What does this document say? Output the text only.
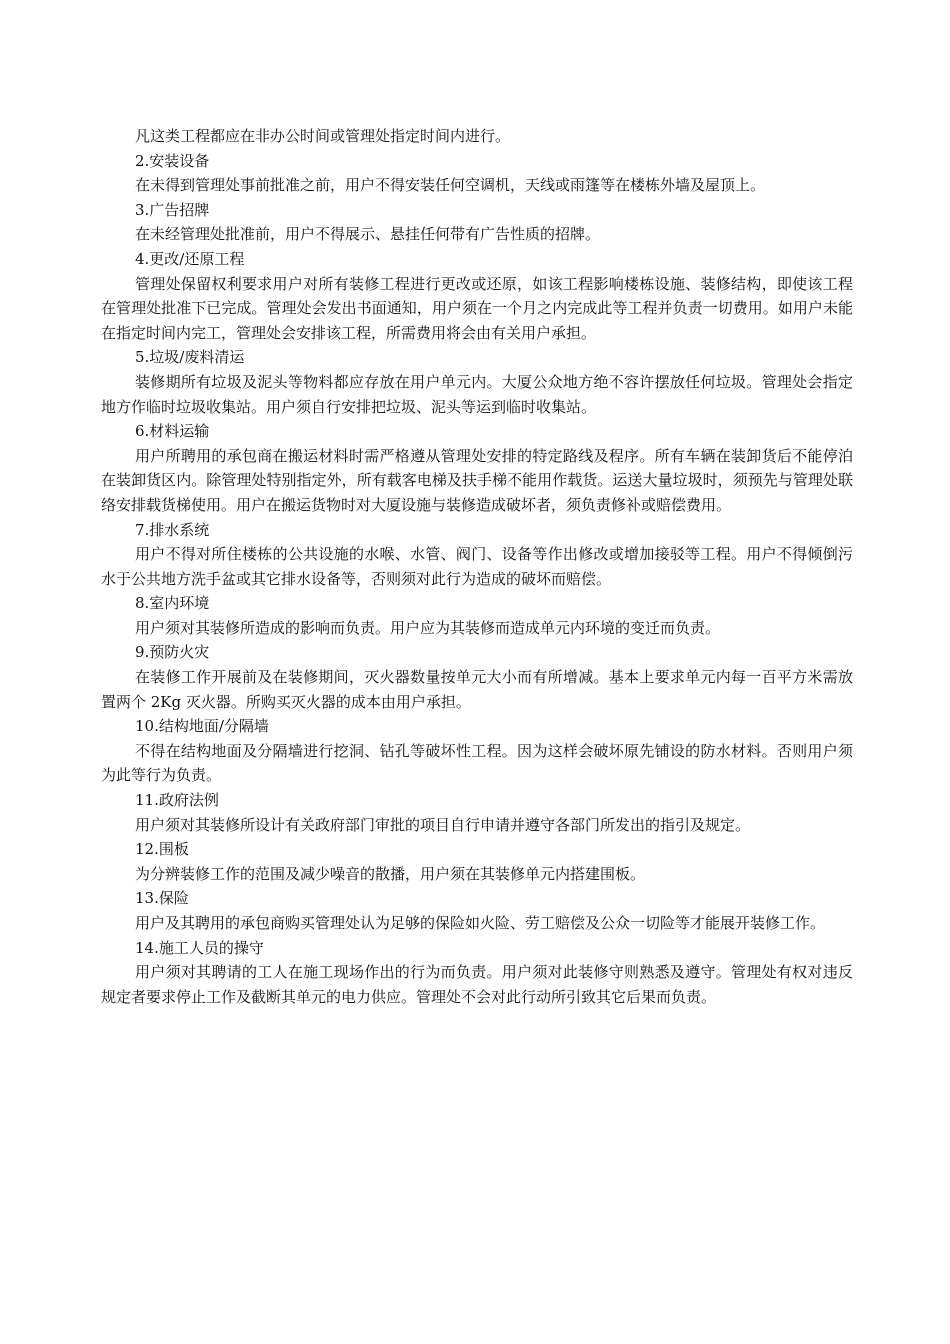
凡这类工程都应在非办公时间或管理处指定时间内进行。

2.安装设备

在未得到管理处事前批准之前，用户不得安装任何空调机，天线或雨篷等在楼栋外墙及屋顶上。

3.广告招牌

在未经管理处批准前，用户不得展示、悬挂任何带有广告性质的招牌。

4.更改/还原工程

管理处保留权利要求用户对所有装修工程进行更改或还原，如该工程影响楼栋设施、装修结构，即使该工程在管理处批准下已完成。管理处会发出书面通知，用户须在一个月之内完成此等工程并负责一切费用。如用户未能在指定时间内完工，管理处会安排该工程，所需费用将会由有关用户承担。

5.垃圾/废料清运

装修期所有垃圾及泥头等物料都应存放在用户单元内。大厦公众地方绝不容许摆放任何垃圾。管理处会指定地方作临时垃圾收集站。用户须自行安排把垃圾、泥头等运到临时收集站。

6.材料运输

用户所聘用的承包商在搬运材料时需严格遵从管理处安排的特定路线及程序。所有车辆在装卸货后不能停泊在装卸货区内。除管理处特别指定外，所有载客电梯及扶手梯不能用作载货。运送大量垃圾时，须预先与管理处联络安排载货梯使用。用户在搬运货物时对大厦设施与装修造成破坏者，须负责修补或赔偿费用。

7.排水系统

用户不得对所住楼栋的公共设施的水喉、水管、阀门、设备等作出修改或增加接驳等工程。用户不得倾倒污水于公共地方洗手盆或其它排水设备等，否则须对此行为造成的破坏而赔偿。

8.室内环境

用户须对其装修所造成的影响而负责。用户应为其装修而造成单元内环境的变迁而负责。

9.预防火灾

在装修工作开展前及在装修期间，灭火器数量按单元大小而有所增减。基本上要求单元内每一百平方米需放置两个 2Kg 灭火器。所购买灭火器的成本由用户承担。

10.结构地面/分隔墙

不得在结构地面及分隔墙进行挖洞、钻孔等破坏性工程。因为这样会破坏原先铺设的防水材料。否则用户须为此等行为负责。

11.政府法例

用户须对其装修所设计有关政府部门审批的项目自行申请并遵守各部门所发出的指引及规定。

12.围板

为分辨装修工作的范围及减少噪音的散播，用户须在其装修单元内搭建围板。

13.保险

用户及其聘用的承包商购买管理处认为足够的保险如火险、劳工赔偿及公众一切险等才能展开装修工作。

14.施工人员的操守

用户须对其聘请的工人在施工现场作出的行为而负责。用户须对此装修守则熟悉及遵守。管理处有权对违反规定者要求停止工作及截断其单元的电力供应。管理处不会对此行动所引致其它后果而负责。
